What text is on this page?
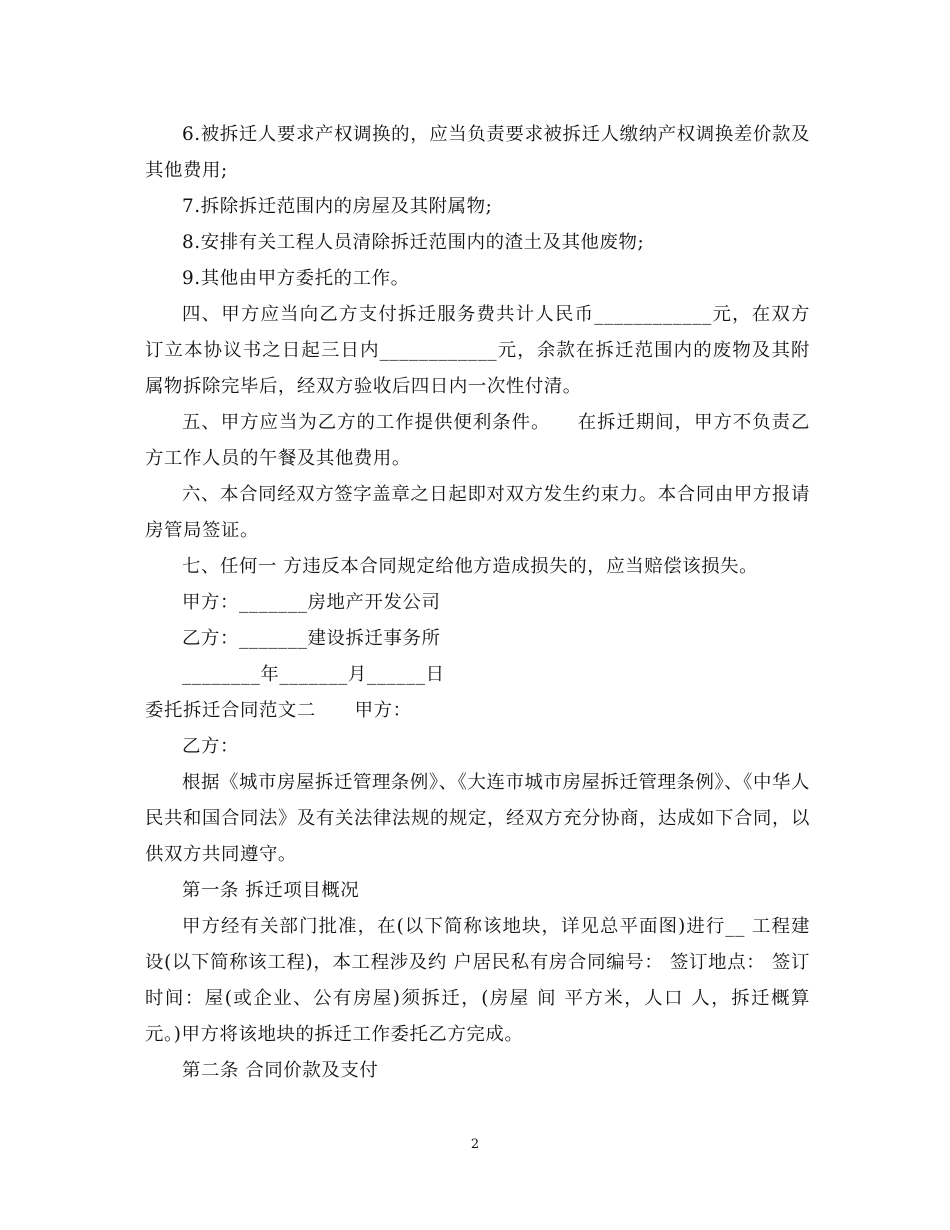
6.被拆迁人要求产权调换的，应当负责要求被拆迁人缴纳产权调换差价款及其他费用;

7.拆除拆迁范围内的房屋及其附属物;

8.安排有关工程人员清除拆迁范围内的渣土及其他废物;

9.其他由甲方委托的工作。

四、甲方应当向乙方支付拆迁服务费共计人民币____________元，在双方订立本协议书之日起三日内____________元，余款在拆迁范围内的废物及其附属物拆除完毕后，经双方验收后四日内一次性付清。

五、甲方应当为乙方的工作提供便利条件。    在拆迁期间，甲方不负责乙方工作人员的午餐及其他费用。

六、本合同经双方签字盖章之日起即对双方发生约束力。本合同由甲方报请房管局签证。

七、任何一 方违反本合同规定给他方造成损失的，应当赔偿该损失。

甲方：_______房地产开发公司

乙方：_______建设拆迁事务所

________年_______月______日

委托拆迁合同范文二      甲方：

乙方：

根据《城市房屋拆迁管理条例》、《大连市城市房屋拆迁管理条例》、《中华人民共和国合同法》及有关法律法规的规定，经双方充分协商，达成如下合同，以供双方共同遵守。

第一条 拆迁项目概况

甲方经有关部门批准，在(以下简称该地块，详见总平面图)进行__ 工程建设(以下简称该工程)，本工程涉及约 户居民私有房合同编号： 签订地点： 签订时间：屋(或企业、公有房屋)须拆迁，(房屋 间 平方米，人口 人，拆迁概算 元。)甲方将该地块的拆迁工作委托乙方完成。

第二条 合同价款及支付

2
